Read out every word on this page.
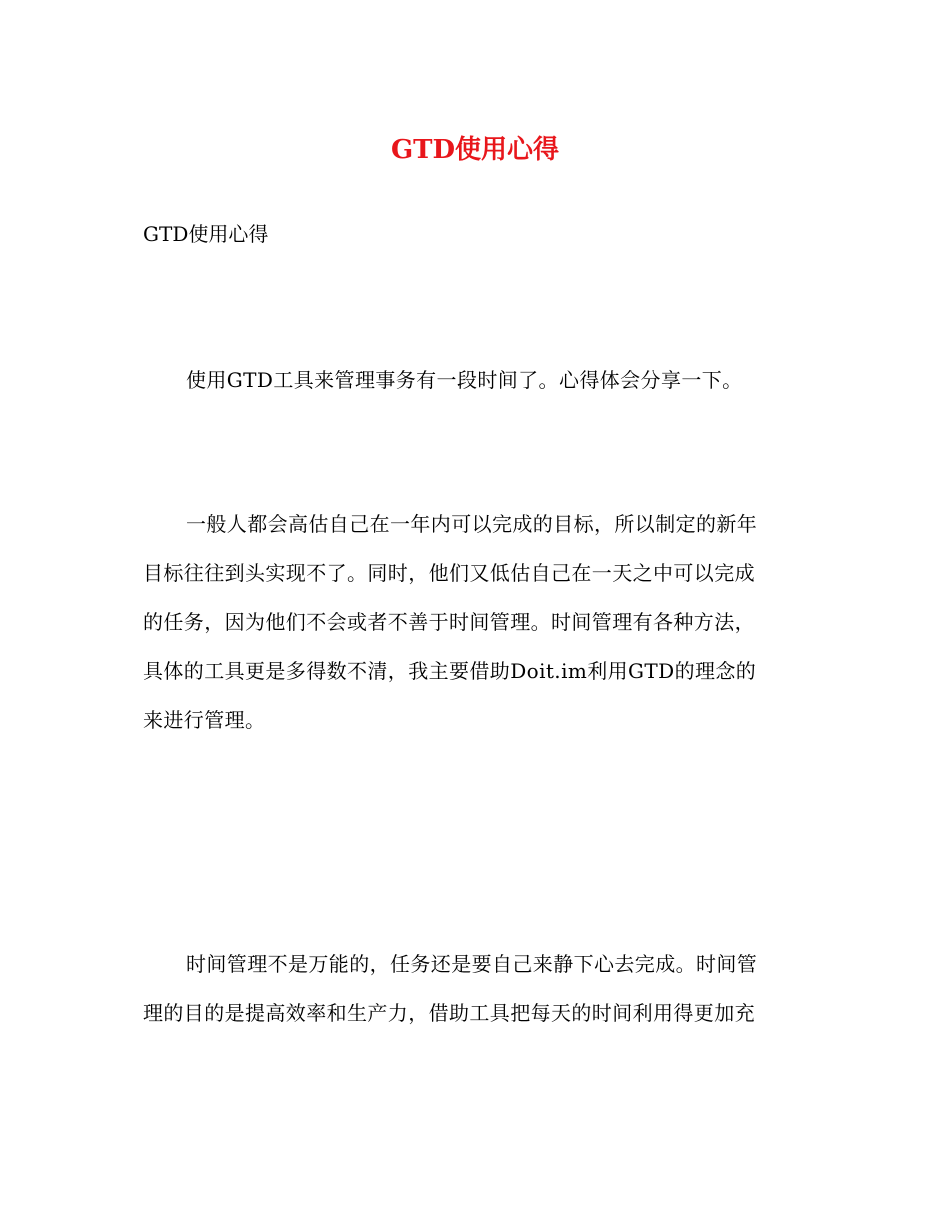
GTD使用心得

GTD使用心得

使用GTD工具来管理事务有一段时间了。心得体会分享一下。

一般人都会高估自己在一年内可以完成的目标，所以制定的新年
目标往往到头实现不了。同时，他们又低估自己在一天之中可以完成
的任务，因为他们不会或者不善于时间管理。时间管理有各种方法，
具体的工具更是多得数不清，我主要借助Doit.im利用GTD的理念的
来进行管理。

时间管理不是万能的，任务还是要自己来静下心去完成。时间管
理的目的是提高效率和生产力，借助工具把每天的时间利用得更加充
